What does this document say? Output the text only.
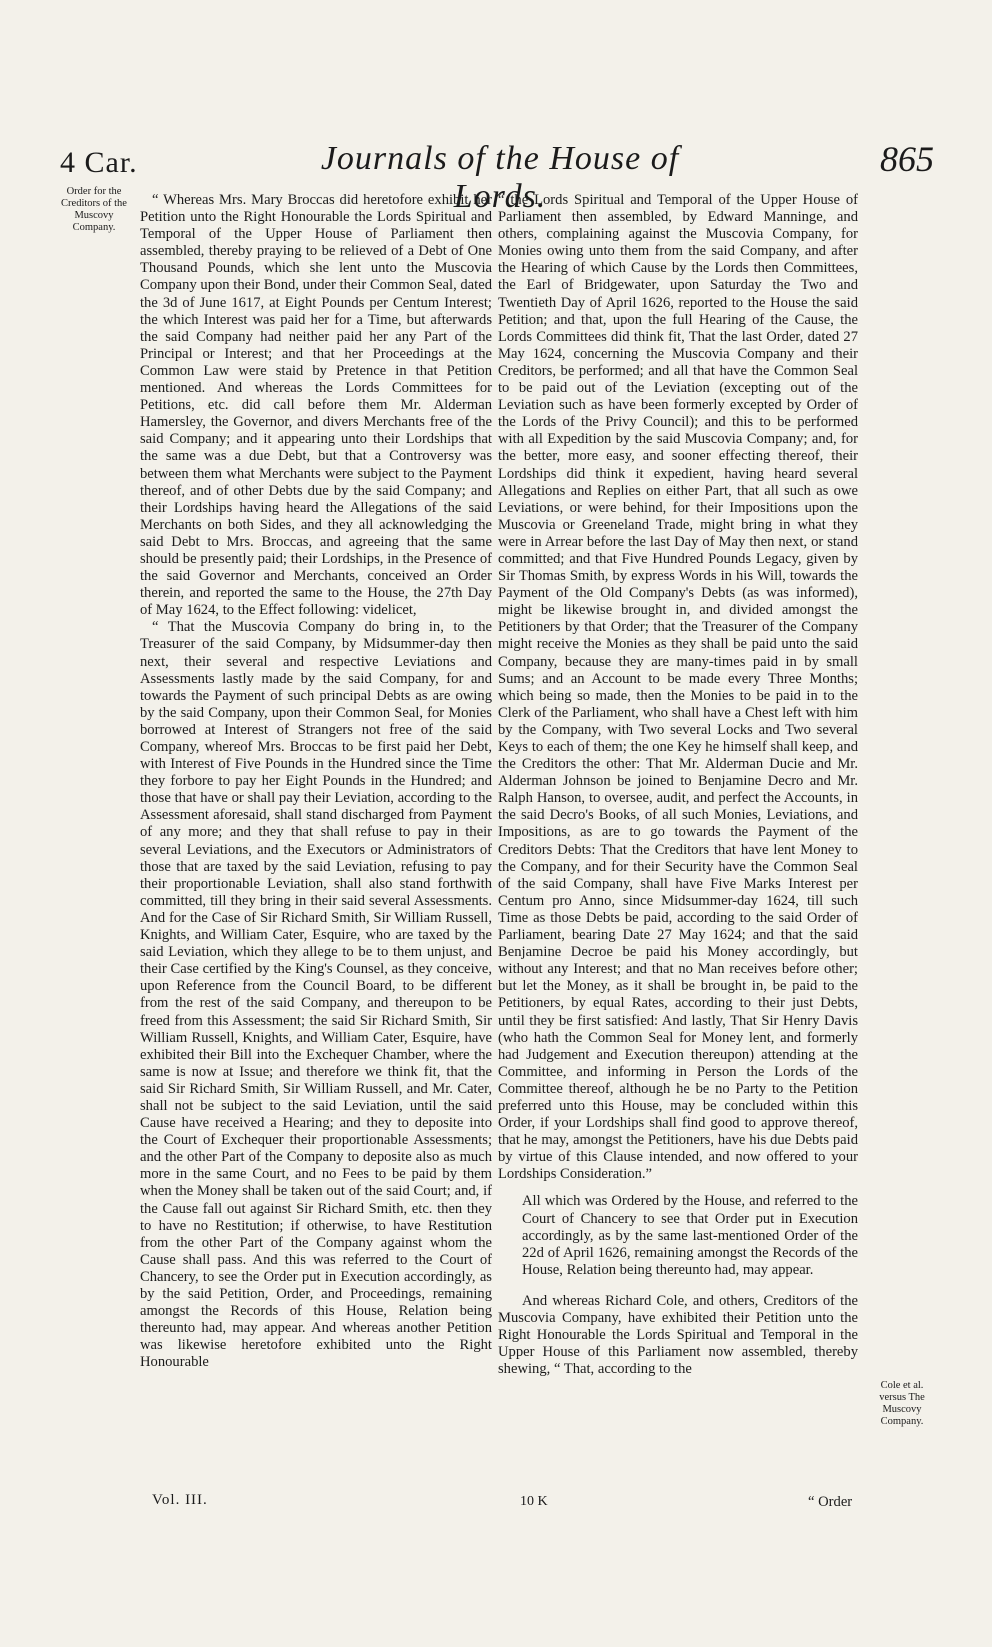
4 Car.	Journals of the House of Lords.
865
Order for the Creditors of the Muscovy Company.
Cole et al. versus The Muscovy Company.

“ Whereas Mrs. Mary Broccas did heretofore exhibit her Petition unto the Right Honourable the Lords Spiritual and Temporal of the Upper House of Parliament then assembled, thereby praying to be relieved of a Debt of One Thousand Pounds, which she lent unto the Muscovia Company upon their Bond, under their Common Seal, dated the 3d of June 1617, at Eight Pounds per Centum Interest; the which Interest was paid her for a Time, but afterwards the said Company had neither paid her any Part of the Principal or Interest; and that her Proceedings at the Common Law were staid by Pretence in that Petition mentioned. And whereas the Lords Committees for Petitions, etc. did call before them Mr. Alderman Hamersley, the Governor, and divers Merchants free of the said Company; and it appearing unto their Lordships that the same was a due Debt, but that a Controversy was between them what Merchants were subject to the Payment thereof, and of other Debts due by the said Company; and their Lordships having heard the Allegations of the said Merchants on both Sides, and they all acknowledging the said Debt to Mrs. Broccas, and agreeing that the same should be presently paid; their Lordships, in the Presence of the said Governor and Merchants, conceived an Order therein, and reported the same to the House, the 27th Day of May 1624, to the Effect following: videlicet,

“ That the Muscovia Company do bring in, to the Treasurer of the said Company, by Midsummer-day then next, their several and respective Leviations and Assessments lastly made by the said Company, for and towards the Payment of such principal Debts as are owing by the said Company, upon their Common Seal, for Monies borrowed at Interest of Strangers not free of the said Company, whereof Mrs. Broccas to be first paid her Debt, with Interest of Five Pounds in the Hundred since the Time they forbore to pay her Eight Pounds in the Hundred; and those that have or shall pay their Leviation, according to the Assessment aforesaid, shall stand discharged from Payment of any more; and they that shall refuse to pay in their several Leviations, and the Executors or Administrators of those that are taxed by the said Leviation, refusing to pay their proportionable Leviation, shall also stand forthwith committed, till they bring in their said several Assessments. And for the Case of Sir Richard Smith, Sir William Russell, Knights, and William Cater, Esquire, who are taxed by the said Leviation, which they allege to be to them unjust, and their Case certified by the King's Counsel, as they conceive, upon Reference from the Council Board, to be different from the rest of the said Company, and thereupon to be freed from this Assessment; the said Sir Richard Smith, Sir William Russell, Knights, and William Cater, Esquire, have exhibited their Bill into the Exchequer Chamber, where the same is now at Issue; and therefore we think fit, that the said Sir Richard Smith, Sir William Russell, and Mr. Cater, shall not be subject to the said Leviation, until the said Cause have received a Hearing; and they to deposite into the Court of Exchequer their proportionable Assessments; and the other Part of the Company to deposite also as much more in the same Court, and no Fees to be paid by them when the Money shall be taken out of the said Court; and, if the Cause fall out against Sir Richard Smith, etc. then they to have no Restitution; if otherwise, to have Restitution from the other Part of the Company against whom the Cause shall pass. And this was referred to the Court of Chancery, to see the Order put in Execution accordingly, as by the said Petition, Order, and Proceedings, remaining amongst the Records of this House, Relation being thereunto had, may appear. And whereas another Petition was likewise heretofore exhibited unto the Right Honourable

“ the Lords Spiritual and Temporal of the Upper House of Parliament then assembled, by Edward Manninge, and others, complaining against the Muscovia Company, for Monies owing unto them from the said Company, and after the Hearing of which Cause by the Lords then Committees, the Earl of Bridgewater, upon Saturday the Two and Twentieth Day of April 1626, reported to the House the said Petition; and that, upon the full Hearing of the Cause, the Lords Committees did think fit, That the last Order, dated 27 May 1624, concerning the Muscovia Company and their Creditors, be performed; and all that have the Common Seal to be paid out of the Leviation (excepting out of the Leviation such as have been formerly excepted by Order of the Lords of the Privy Council); and this to be performed with all Expedition by the said Muscovia Company; and, for the better, more easy, and sooner effecting thereof, their Lordships did think it expedient, having heard several Allegations and Replies on either Part, that all such as owe Leviations, or were behind, for their Impositions upon the Muscovia or Greeneland Trade, might bring in what they were in Arrear before the last Day of May then next, or stand committed; and that Five Hundred Pounds Legacy, given by Sir Thomas Smith, by express Words in his Will, towards the Payment of the Old Company's Debts (as was informed), might be likewise brought in, and divided amongst the Petitioners by that Order; that the Treasurer of the Company might receive the Monies as they shall be paid unto the said Company, because they are many-times paid in by small Sums; and an Account to be made every Three Months; which being so made, then the Monies to be paid in to the Clerk of the Parliament, who shall have a Chest left with him by the Company, with Two several Locks and Two several Keys to each of them; the one Key he himself shall keep, and the Creditors the other: That Mr. Alderman Ducie and Mr. Alderman Johnson be joined to Benjamine Decro and Mr. Ralph Hanson, to oversee, audit, and perfect the Accounts, in the said Decro's Books, of all such Monies, Leviations, and Impositions, as are to go towards the Payment of the Creditors Debts: That the Creditors that have lent Money to the Company, and for their Security have the Common Seal of the said Company, shall have Five Marks Interest per Centum pro Anno, since Midsummer-day 1624, till such Time as those Debts be paid, according to the said Order of Parliament, bearing Date 27 May 1624; and that the said Benjamine Decroe be paid his Money accordingly, but without any Interest; and that no Man receives before other; but let the Money, as it shall be brought in, be paid to the Petitioners, by equal Rates, according to their just Debts, until they be first satisfied: And lastly, That Sir Henry Davis (who hath the Common Seal for Money lent, and formerly had Judgement and Execution thereupon) attending at the Committee, and informing in Person the Lords of the Committee thereof, although he be no Party to the Petition preferred unto this House, may be concluded within this Order, if your Lordships shall find good to approve thereof, that he may, amongst the Petitioners, have his due Debts paid by virtue of this Clause intended, and now offered to your Lordships Consideration.”

All which was Ordered by the House, and referred to the Court of Chancery to see that Order put in Execution accordingly, as by the same last-mentioned Order of the 22d of April 1626, remaining amongst the Records of the House, Relation being thereunto had, may appear.

And whereas Richard Cole, and others, Creditors of the Muscovia Company, have exhibited their Petition unto the Right Honourable the Lords Spiritual and Temporal in the Upper House of this Parliament now assembled, thereby shewing, “ That, according to the

Vol. III.	10 K	“ Order
